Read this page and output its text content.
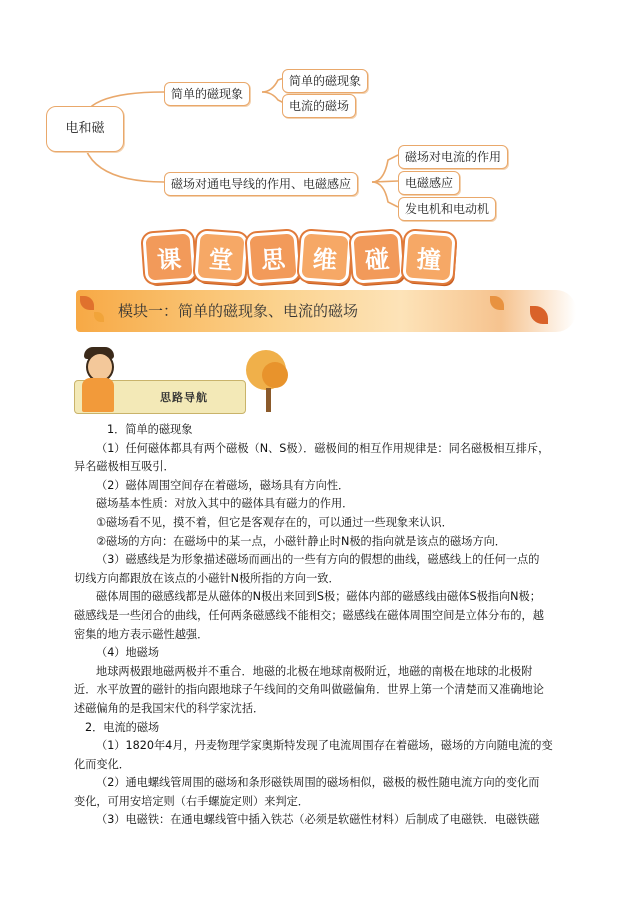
电和磁
简单的磁现象
简单的磁现象
电流的磁场
磁场对通电导线的作用、电磁感应
磁场对电流的作用
电磁感应
发电机和电动机
课	堂	思	维	碰	撞
模块一：简单的磁现象、电流的磁场
思路导航

1．简单的磁现象

（1）任何磁体都具有两个磁极（N、S极）．磁极间的相互作用规律是：同名磁极相互排斥，

异名磁极相互吸引．

（2）磁体周围空间存在着磁场，磁场具有方向性．

磁场基本性质：对放入其中的磁体具有磁力的作用．

①磁场看不见，摸不着，但它是客观存在的，可以通过一些现象来认识．

②磁场的方向：在磁场中的某一点，小磁针静止时N极的指向就是该点的磁场方向．

（3）磁感线是为形象描述磁场而画出的一些有方向的假想的曲线，磁感线上的任何一点的

切线方向都跟放在该点的小磁针N极所指的方向一致．

磁体周围的磁感线都是从磁体的N极出来回到S极；磁体内部的磁感线由磁体S极指向N极；

磁感线是一些闭合的曲线，任何两条磁感线不能相交；磁感线在磁体周围空间是立体分布的，越

密集的地方表示磁性越强．

（4）地磁场

地球两极跟地磁两极并不重合．地磁的北极在地球南极附近，地磁的南极在地球的北极附

近．水平放置的磁针的指向跟地球子午线间的交角叫做磁偏角．世界上第一个清楚而又准确地论

述磁偏角的是我国宋代的科学家沈括．

2．电流的磁场

（1）1820年4月，丹麦物理学家奥斯特发现了电流周围存在着磁场，磁场的方向随电流的变

化而变化．

（2）通电螺线管周围的磁场和条形磁铁周围的磁场相似，磁极的极性随电流方向的变化而

变化，可用安培定则（右手螺旋定则）来判定．

（3）电磁铁：在通电螺线管中插入铁芯（必须是软磁性材料）后制成了电磁铁．电磁铁磁
